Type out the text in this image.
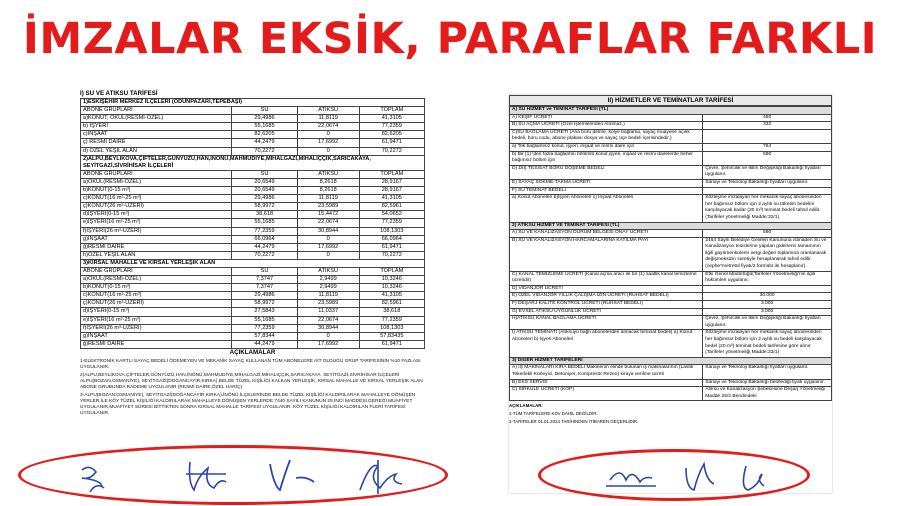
İMZALAR EKSİK, PARAFLAR FARKLI
I) SU VE ATIKSU TARİFESİ
1)ESKİŞEHİR MERKEZ İLÇELERİ (ODUNPAZARI,TEPEBAŞI)			
ABONE GRUPLARI	SU	ATIKSU	TOPLAM
a)KONUT, OKUL(RESMİ-ÖZEL)	29,4986	11,8119	41,3105
b) İŞYERİ	55,1685	22,0674	77,2359
c)İNŞAAT	82,6205	0	82,6205
ç) RESMİ DAİRE	44,2479	17,6992	61,9471
d) ÖZEL YEŞİL ALAN	70,2272	0	70,2272
2)ALPU,BEYLİKOVA,ÇİFTELER,GÜNYÜZÜ,HAN,İNÖNÜ,MAHMUDİYE,MİHALGAZİ,MİHALIÇÇIK,SARICAKAYA, SEYİTGAZİ,SİVRİHİSAR İLÇELERİ			
ABONE GRUPLARI	SU	ATIKSU	TOPLAM
a)OKUL(RESMİ-ÖZEL)	20,6549	8,2618	28,9167
b)KONUT(0-15 m³)	20,6549	8,2618	28,9167
c)KONUT(16 m³-25 m³)	29,4986	11,8119	41,3105
ç)KONUT(26 m³-ÜZERİ)	58,9972	23,5989	82,5961
d)İŞYERİ(0-15 m³)	38,618	15,4472	54,0652
e)İŞYERİ(16 m³-25 m³)	55,1685	22,0674	77,2359
f)İŞYERİ(26 m³-ÜZERİ)	77,2359	30,8944	108,1303
g)İNŞAAT	66,0964	0	66,0964
ğ)RESMİ DAİRE	44,2479	17,6992	61,9471
h)ÖZEL YEŞİL ALAN	70,2272	0	70,2272
3)KIRSAL MAHALLE VE KIRSAL YERLEŞİK ALAN			
ABONE GRUPLARI	SU	ATIKSU	TOPLAM
a)OKUL(RESMİ-ÖZEL)	7,3747	2,9499	10,3246
b)KONUT(0-15 m³)	7,3747	2,9499	10,3246
c)KONUT(16 m³-25 m³)	29,4986	11,8119	41,3105
ç)KONUT(26 m³-ÜZERİ)	58,9972	23,5989	82,5961
d)İŞYERİ(0-15 m³)	27,5843	11,0337	38,618
e)İŞYERİ(16 m³-25 m³)	55,1685	22,0674	77,2359
f)İŞYERİ(26 m³-ÜZERİ)	77,2359	30,8944	108,1303
g)İNŞAAT	57,8344	0	57,83435
ğ)RESMİ DAİRE	44,2479	17,6992	61,9471
AÇIKLAMALAR
1-ELEKTRONİK KARTLI SAYAÇ BEDELİ ÖDEMEYEN VE MEKANİK SAYAÇ KULLANAN TÜM ABONELERE AİT OLDUĞU GRUP TARİFESİNİN %10 FAZLASI UYGULANIR.
2)ALPU,BEYLİKOVA,ÇİFTELER,GÜNYÜZÜ,HAN,İNÖNÜ,MAHMUDİYE,MİHALGAZİ,MİHALIÇÇIK,SARICAKAYA, SEYİTGAZİ,SİVRİHİSAR İLÇELERİ ALPU(BOZAN,OSMANİYE), SEYİTGAZİ(DOĞANCAYIR,KIRKA) BELDE TÜZEL KİŞİLİĞİ KALKAN YERLEŞİK, KIRSAL MAHALLE VE KIRSAL YERLEŞİK ALAN ABONE GRUBUNDA RADEME UYGULANIR (RESMİ DAİRE,ÖZEL HARİÇ)
3-ALPU(BOZAN,OSMANİYE), SEYİTGAZİ(DOĞANCAYIR,KIRKA),İNÖNÜ İLÇELERİNDE BELDE TÜZEL KİŞİLİĞİ KALDIRILARAK MAHALLEYE DÖNÜŞEN YERLER İLE KÖY TÜZEL KİŞİLİĞİ KALDIRILARAK MAHALLEYE DÖNÜŞEN YERLERDE 7440 SAYILI KANUNUN 25 İNCİ MADDESİ GEREĞİ MUAFİYET UYGULANIR,MUAFİYET SÜRESİ BİTTİKTEN SONRA KIRSAL MAHALLE TARİFESİ UYGULANIR. KÖY TÜZEL KİŞİLİĞİ KALDIRILAN FLERİ TARİFESİ UYGULANIR.
II) HİZMETLER VE TEMİNATLAR TARİFESİ
A) SU HİZMET ve TEMİNAT TARİFESİ (TL)	
A) KEŞİF ÜCRETİ	450
B) SU AÇMA ÜCRETİ (Özel İşlemlerinden Alınmaz.)	332
C)SU BAĞLAMA ÜCRETİ (Ana boru delme, kolye bağlama, sayaç muayene açılık bedeli, boru codu, abone plakası dosya ve sayaç üçe bedeli içerisindedir.)	
a) Tek bağlantısız konut, işyeri, inşaat ve resmi daire için	764
b) Bir (1) 'den fazla bağlantısı bölümlü konut,işyeri, inşaat ve resmi dairelerde beher bağımsız bölüm için	590
D) DIŞ TESİSAT BORU DÖŞEME BEDELİ	Çevre, Şehircilik ve İklim Değişikliği Bakanlığı fiyatları uygulanır.
E) SAYAÇ SÖKME-TAKMA ÜCRETİ	Sanayi ve Teknoloji Bakanlığı fiyatları uygulanır.
F) SU TEMİNAT BEDELİ	
a) Konut Aboneleri b)İşyeri Aboneleri c) İnşaat Aboneleri	Sözleşme imzalayan her mekanik sayaç abonesinden her bağımsız bölüm için 2 aylık su tüketim bedelini karşılayacak kadar (20 m³) teminat bedeli tahsil edilir. (Tarifeler yönetmeliği Madde:32/1)
2) ATIKSU HİZMET VE TEMİNAT TARİFESİ (TL)	
A) SU VE KANALİZASYON DURUM BELGESİ ONAY ÜCRETİ	590
B) SU VE KANALİZASYON HARCAMALARINA KATILMA PAYI	2464 Sayılı Belediye Gelirleri Kanununa istinaden Su ve Kanalizasyon tesislerine yapılan giderlerin tamamının ilgili gayrimenkulerin vergi değeri toplamına oranlanarak değişmeksizin suretiyle hesaplanarak tahsil edilir.(cephe*metretül fiyatı/2 formülü ile hesaplanır).
C) KANAL TEMİZLEME ÜCRETİ (Kanal açma aracı ile bir (1) saatlik kanal temizleme ücretidir)	Etki Genel Müdürlüğü(Tarifeler Yönetmeliği'nin ilgili hükümleri uygulanır.
D) VİDANJÖR ÜCRETİ	
E) ÖZEL VİDANJÖR YILLIK ÇALIŞMA İZİN ÜCRETİ (RUHSAT BEDELİ)	30.000
F) DEŞARJ KALİTE KONTROL ÜCRETİ (RUHSAT BEDELİ)	3.000
G) EVSEL ATIKSU UYGUNLUK ÜCRETİ	3.000
H)ATIKSU KANAL BAĞLAMA ÜCRETİ	Çevre, Şehircilik ve İklim Değişikliği Bakanlığı fiyatları uygulanır.
I) ATIKSU TEMİNATI (Atıksuyu bağlı abonelerden alınacak teminat bedeli) a) Konut Aboneleri b) İşyeri Aboneleri	Sözleşme imzalayan her mekanik sayaç abonesinden her bağımsız bölüm için 2 aylık su bedeli karşılayacak bedel (20 m³) teminat bedeli tarifesine göre alınır (Tarifeler yönetmeliği Madde:33/1)
3) DİĞER HİZMET TARİFELERİ	
A) İŞ MAKİNALARI KİRA BEDELİ Makinenin elinde bulunan iş makinalarının (Lastik Tekerlekli Kürleyici, Betoniyer, Kompresör Rezeo) kiraya verilme ücreti	Sanayi ve Teknoloji Bakanlığı fiyatları uygulanır.
B) EKS SERVİS	Sanayi ve Teknoloji Bakanlığı belirlediği fiyatı uygulanır.
C) SİRKÜLE ÜCRETİ (KÖP)	Atıksu ve Kanalizasyon Şebekesine Deşarj Yönetmeliği Madde 25/2 Bendindeki
AÇIKLAMALAR:
1-TÜM TARİFELERE KDV DAHİL DEĞİLDİR.
2-TARİFELER 01.01.2024 TARİHİNDEN İTİBAREN GEÇERLİDİR.
